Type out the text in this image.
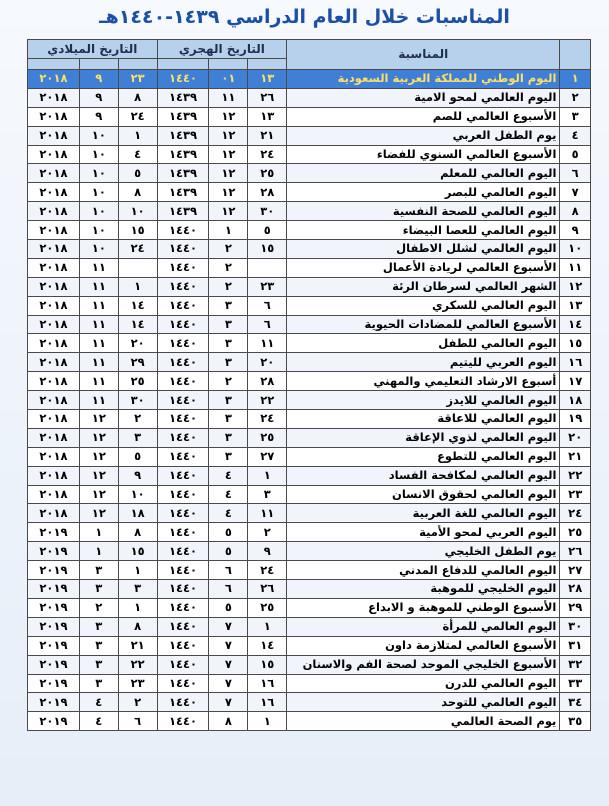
المناسبات خلال العام الدراسي ١٤٣٩-١٤٤٠هـ
	المناسبة	التاريخ الهجري			التاريخ الميلادي		

١	اليوم الوطني للمملكة العربية السعودية	١٣	٠١	١٤٤٠	٢٣	٩	٢٠١٨
٢	اليوم العالمي لمحو الامية	٢٦	١١	١٤٣٩	٨	٩	٢٠١٨
٣	الأسبوع العالمي للصم	١٣	١٢	١٤٣٩	٢٤	٩	٢٠١٨
٤	يوم الطفل العربي	٢١	١٢	١٤٣٩	١	١٠	٢٠١٨
٥	الأسبوع العالمي السنوي للفضاء	٢٤	١٢	١٤٣٩	٤	١٠	٢٠١٨
٦	اليوم العالمي للمعلم	٢٥	١٢	١٤٣٩	٥	١٠	٢٠١٨
٧	اليوم العالمي للبصر	٢٨	١٢	١٤٣٩	٨	١٠	٢٠١٨
٨	اليوم العالمي للصحة النفسية	٣٠	١٢	١٤٣٩	١٠	١٠	٢٠١٨
٩	اليوم العالمي للعصا البيضاء	٥	١	١٤٤٠	١٥	١٠	٢٠١٨
١٠	اليوم العالمي لشلل الاطفال	١٥	٢	١٤٤٠	٢٤	١٠	٢٠١٨
١١	الأسبوع العالمي لريادة الأعمال		٢	١٤٤٠		١١	٢٠١٨
١٢	الشهر العالمي لسرطان الرئة	٢٣	٢	١٤٤٠	١	١١	٢٠١٨
١٣	اليوم العالمي للسكري	٦	٣	١٤٤٠	١٤	١١	٢٠١٨
١٤	الأسبوع العالمي للمضادات الحيوية	٦	٣	١٤٤٠	١٤	١١	٢٠١٨
١٥	اليوم العالمي للطفل	١١	٣	١٤٤٠	٢٠	١١	٢٠١٨
١٦	اليوم العربي لليتيم	٢٠	٣	١٤٤٠	٢٩	١١	٢٠١٨
١٧	أسبوع الارشاد التعليمي والمهني	٢٨	٢	١٤٤٠	٢٥	١١	٢٠١٨
١٨	اليوم العالمي للايدز	٢٢	٣	١٤٤٠	٣٠	١١	٢٠١٨
١٩	اليوم العالمي للاعاقة	٢٤	٣	١٤٤٠	٢	١٢	٢٠١٨
٢٠	اليوم العالمي لذوي الإعاقة	٢٥	٣	١٤٤٠	٣	١٢	٢٠١٨
٢١	اليوم العالمي للتطوع	٢٧	٣	١٤٤٠	٥	١٢	٢٠١٨
٢٢	اليوم العالمي لمكافحة الفساد	١	٤	١٤٤٠	٩	١٢	٢٠١٨
٢٣	اليوم العالمي لحقوق الانسان	٣	٤	١٤٤٠	١٠	١٢	٢٠١٨
٢٤	اليوم العالمي للغة العربية	١١	٤	١٤٤٠	١٨	١٢	٢٠١٨
٢٥	اليوم العربي لمحو الأمية	٢	٥	١٤٤٠	٨	١	٢٠١٩
٢٦	يوم الطفل الخليجي	٩	٥	١٤٤٠	١٥	١	٢٠١٩
٢٧	اليوم العالمي للدفاع المدني	٢٤	٦	١٤٤٠	١	٣	٢٠١٩
٢٨	اليوم الخليجي للموهبة	٢٦	٦	١٤٤٠	٣	٣	٢٠١٩
٢٩	الأسبوع الوطني للموهبة و الابداع	٢٥	٥	١٤٤٠	١	٢	٢٠١٩
٣٠	اليوم العالمي للمرأة	١	٧	١٤٤٠	٨	٣	٢٠١٩
٣١	الأسبوع العالمي لمتلازمة داون	١٤	٧	١٤٤٠	٢١	٣	٢٠١٩
٣٢	الأسبوع الخليجي الموحد لصحة الفم والاسنان	١٥	٧	١٤٤٠	٢٢	٣	٢٠١٩
٣٣	اليوم العالمي للدرن	١٦	٧	١٤٤٠	٢٣	٣	٢٠١٩
٣٤	اليوم العالمي للتوحد	١٦	٧	١٤٤٠	٢	٤	٢٠١٩
٣٥	يوم الصحة العالمي	١	٨	١٤٤٠	٦	٤	٢٠١٩
